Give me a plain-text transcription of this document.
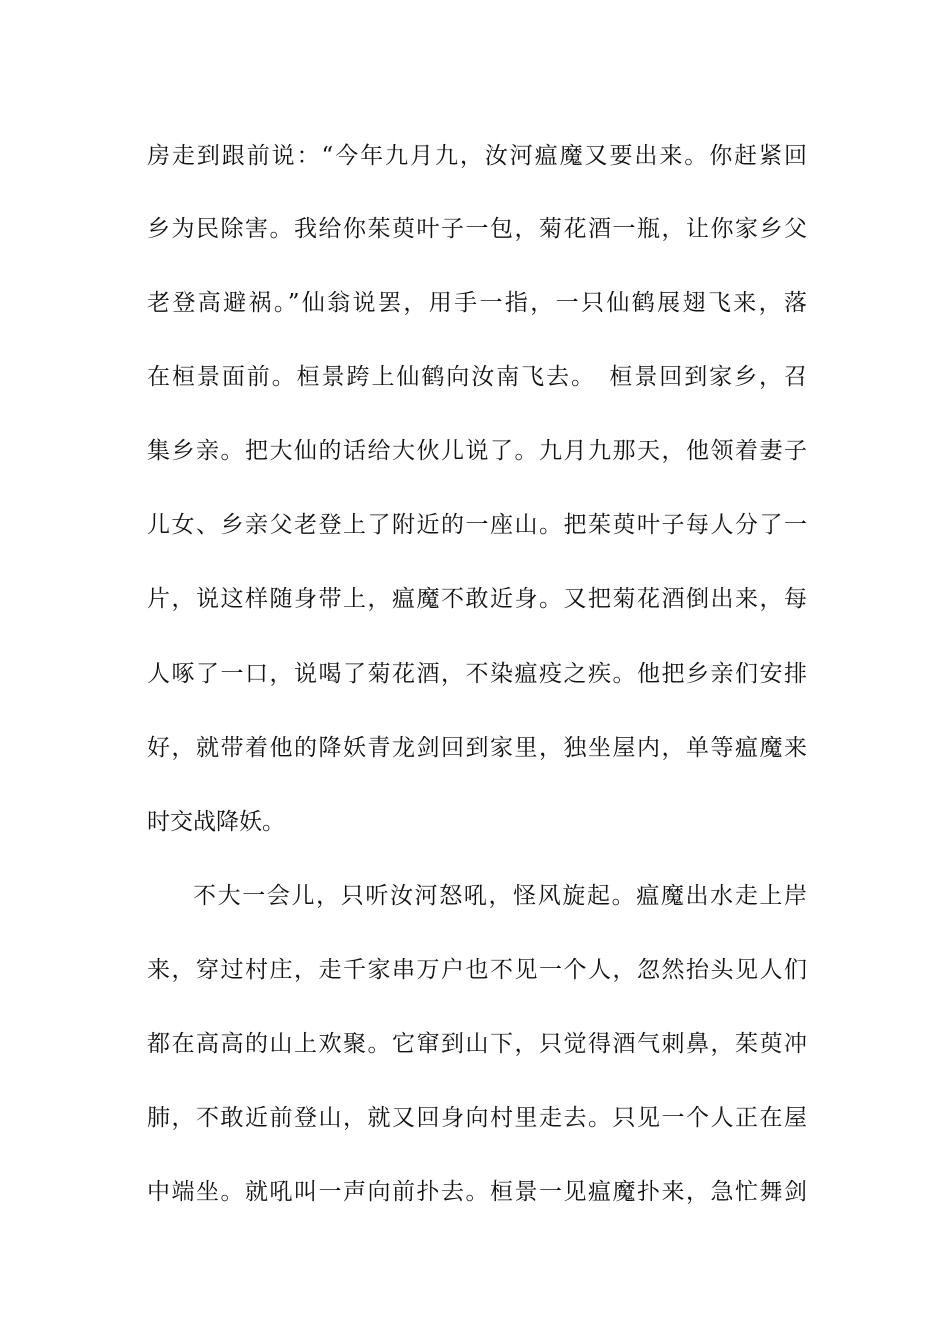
房走到跟前说：“今年九月九，汝河瘟魔又要出来。你赶紧回
乡为民除害。我给你茱萸叶子一包，菊花酒一瓶，让你家乡父
老登高避祸。”仙翁说罢，用手一指，一只仙鹤展翅飞来，落
在桓景面前。桓景跨上仙鹤向汝南飞去。　桓景回到家乡，召
集乡亲。把大仙的话给大伙儿说了。九月九那天，他领着妻子
儿女、乡亲父老登上了附近的一座山。把茱萸叶子每人分了一
片，说这样随身带上，瘟魔不敢近身。又把菊花酒倒出来，每
人啄了一口，说喝了菊花酒，不染瘟疫之疾。他把乡亲们安排
好，就带着他的降妖青龙剑回到家里，独坐屋内，单等瘟魔来
时交战降妖。
不大一会儿，只听汝河怒吼，怪风旋起。瘟魔出水走上岸
来，穿过村庄，走千家串万户也不见一个人，忽然抬头见人们
都在高高的山上欢聚。它窜到山下，只觉得酒气刺鼻，茱萸冲
肺，不敢近前登山，就又回身向村里走去。只见一个人正在屋
中端坐。就吼叫一声向前扑去。桓景一见瘟魔扑来，急忙舞剑
